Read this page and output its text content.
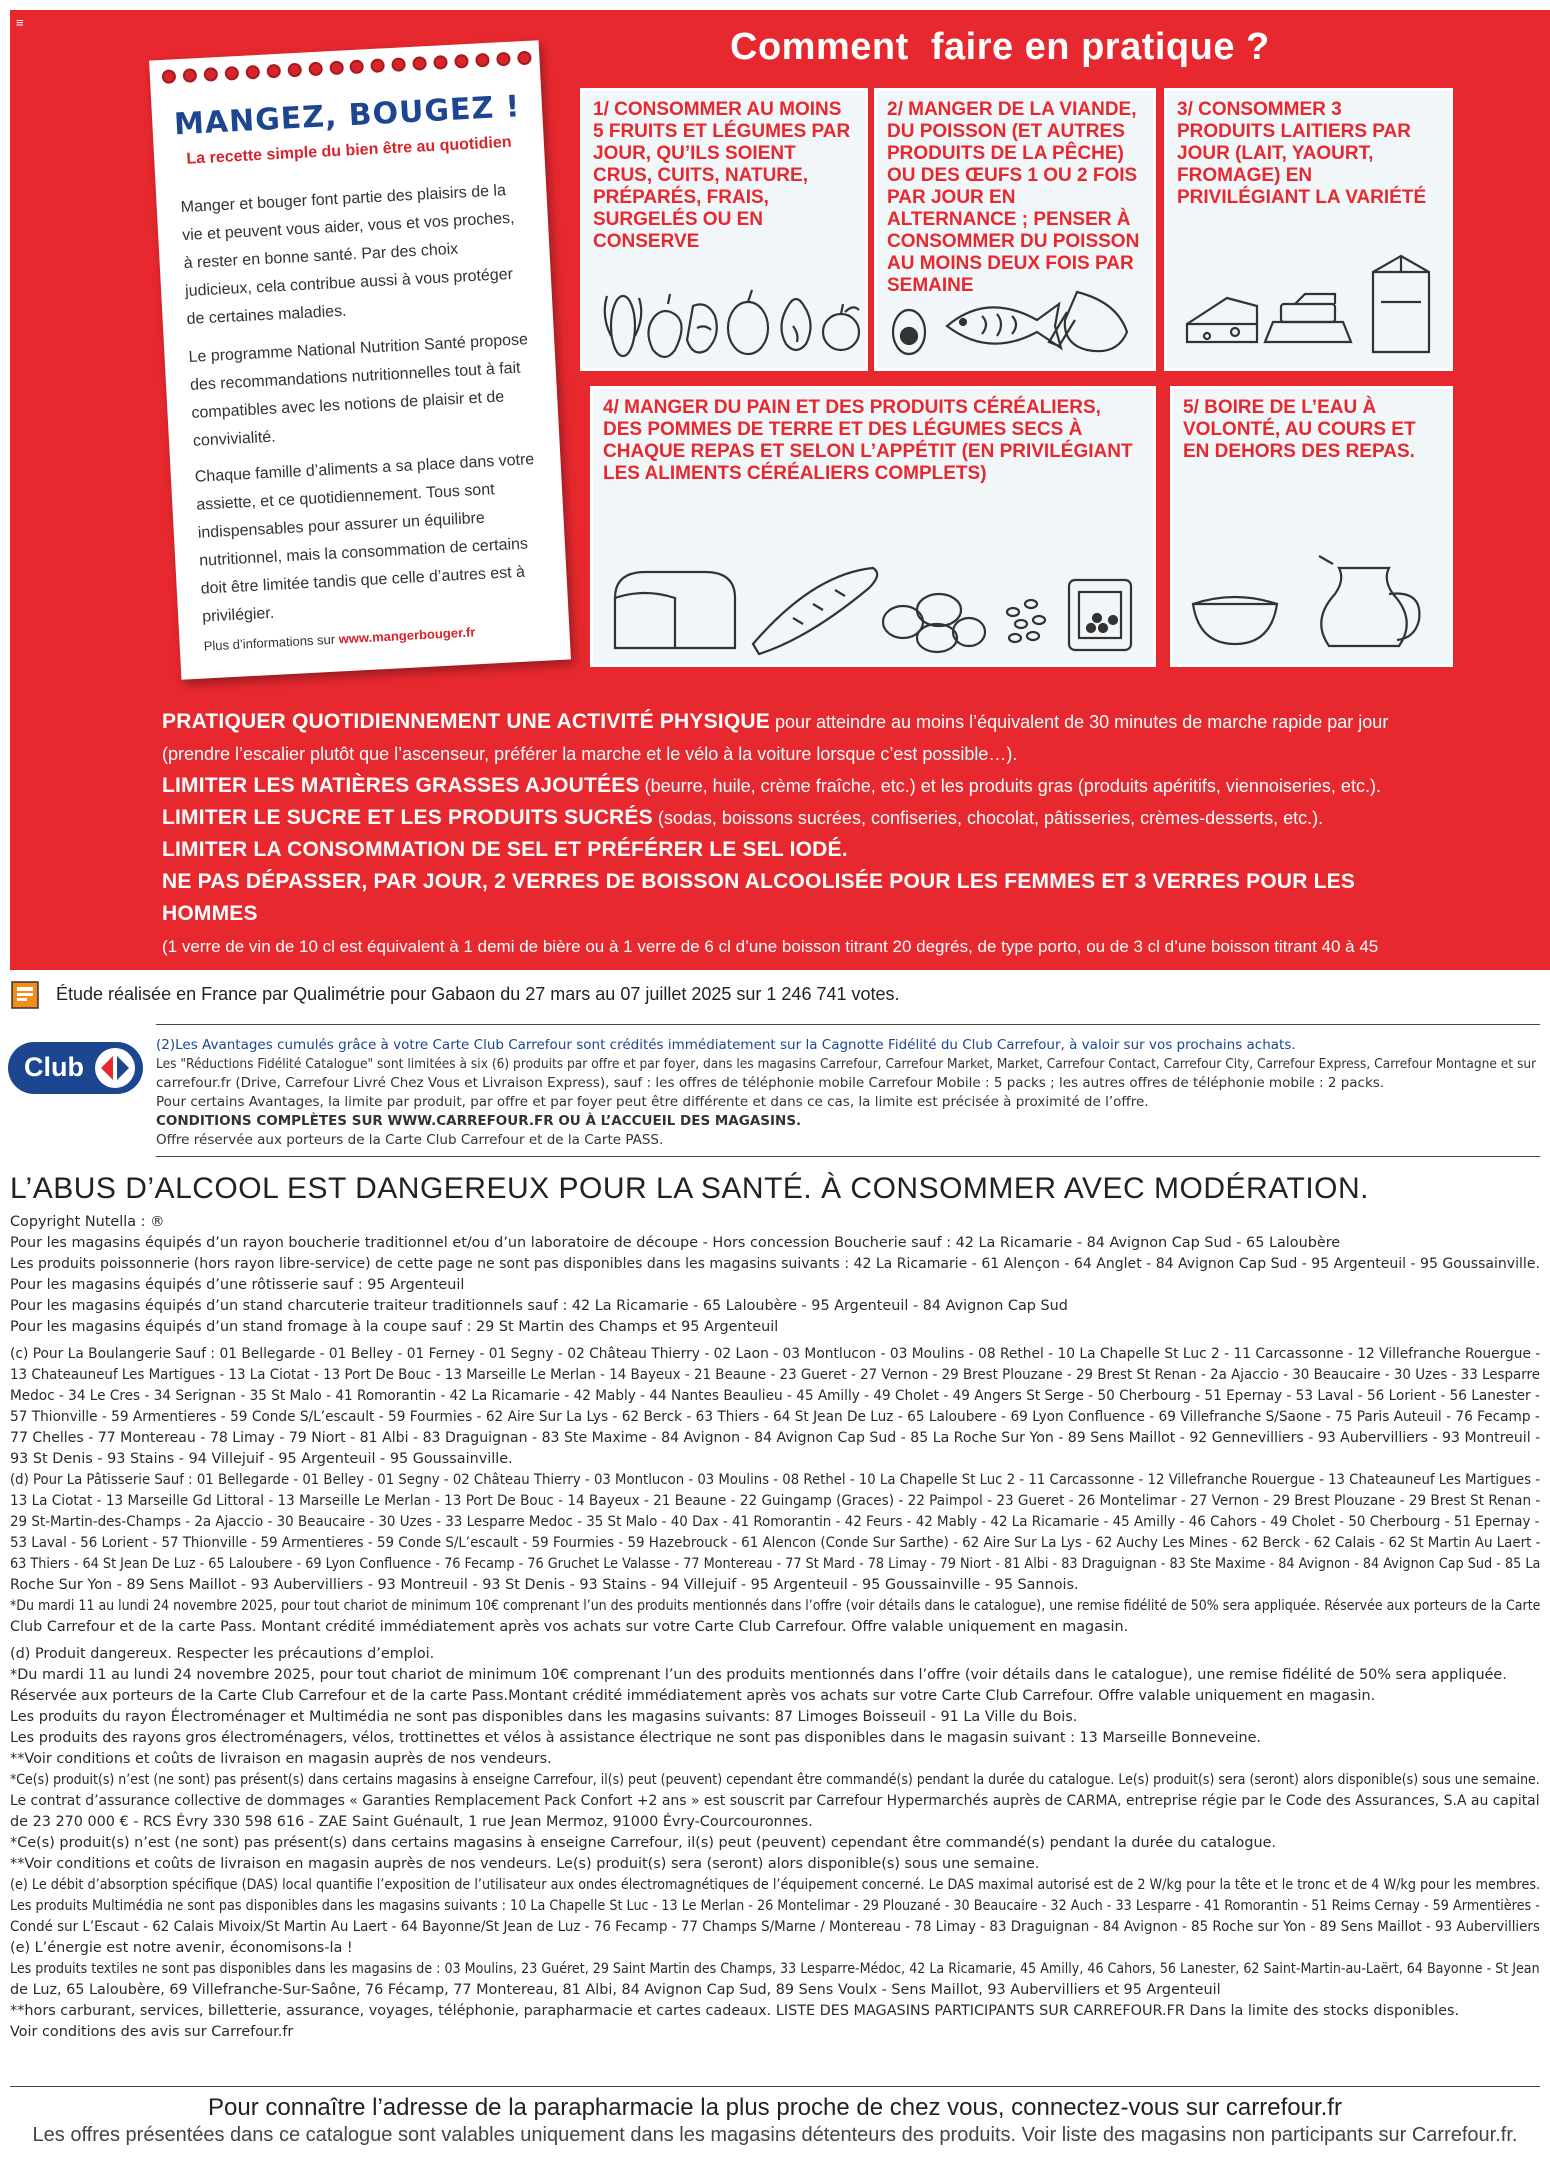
≡
Comment  faire en pratique ?
MANGEZ, BOUGEZ !
La recette simple du bien être au quotidien
Manger et bouger font partie des plaisirs de la vie et peuvent vous aider, vous et vos proches, à rester en bonne santé. Par des choix judicieux, cela contribue aussi à vous protéger de certaines maladies.
Le programme National Nutrition Santé propose des recommandations nutritionnelles tout à fait compatibles avec les notions de plaisir et de convivialité.
Chaque famille d’aliments a sa place dans votre assiette, et ce quotidiennement. Tous sont indispensables pour assurer un équilibre nutritionnel, mais la consommation de certains doit être limitée tandis que celle d’autres est à privilégier.
Plus d’informations sur www.mangerbouger.fr
1/ CONSOMMER AU MOINS 5 FRUITS ET LÉGUMES PAR JOUR, QU’ILS SOIENT CRUS, CUITS, NATURE, PRÉPARÉS, FRAIS, SURGELÉS OU EN CONSERVE
2/ MANGER DE LA VIANDE, DU POISSON (ET AUTRES PRODUITS DE LA PÊCHE) OU DES ŒUFS 1 OU 2 FOIS PAR JOUR EN ALTERNANCE ; PENSER À CONSOMMER DU POISSON AU MOINS DEUX FOIS PAR SEMAINE
3/ CONSOMMER 3 PRODUITS LAITIERS PAR JOUR (LAIT, YAOURT, FROMAGE) EN PRIVILÉGIANT LA VARIÉTÉ
4/ MANGER DU PAIN ET DES PRODUITS CÉRÉALIERS, DES POMMES DE TERRE ET DES LÉGUMES SECS À CHAQUE REPAS ET SELON L’APPÉTIT (EN PRIVILÉGIANT LES ALIMENTS CÉRÉALIERS COMPLETS)
5/ BOIRE DE L’EAU À VOLONTÉ, AU COURS ET EN DEHORS DES REPAS.
PRATIQUER QUOTIDIENNEMENT UNE ACTIVITÉ PHYSIQUE pour atteindre au moins l’équivalent de 30 minutes de marche rapide par jour (prendre l’escalier plutôt que l’ascenseur, préférer la marche et le vélo à la voiture lorsque c’est possible…).
LIMITER LES MATIÈRES GRASSES AJOUTÉES (beurre, huile, crème fraîche, etc.) et les produits gras (produits apéritifs, viennoiseries, etc.).
LIMITER LE SUCRE ET LES PRODUITS SUCRÉS (sodas, boissons sucrées, confiseries, chocolat, pâtisseries, crèmes-desserts, etc.).
LIMITER LA CONSOMMATION DE SEL ET PRÉFÉRER LE SEL IODÉ.
NE PAS DÉPASSER, PAR JOUR, 2 VERRES DE BOISSON ALCOOLISÉE POUR LES FEMMES ET 3 VERRES POUR LES HOMMES
(1 verre de vin de 10 cl est équivalent à 1 demi de bière ou à 1 verre de 6 cl d’une boisson titrant 20 degrés, de type porto, ou de 3 cl d’une boisson titrant 40 à 45 degrés d’alcool, de type whisky ou pastis).
Étude réalisée en France par Qualimétrie pour Gabaon du 27 mars au 07 juillet 2025 sur 1 246 741 votes.
Club
(2)Les Avantages cumulés grâce à votre Carte Club Carrefour sont crédités immédiatement sur la Cagnotte Fidélité du Club Carrefour, à valoir sur vos prochains achats.
Les "Réductions Fidélité Catalogue" sont limitées à six (6) produits par offre et par foyer, dans les magasins Carrefour, Carrefour Market, Market, Carrefour Contact, Carrefour City, Carrefour Express, Carrefour Montagne et sur
carrefour.fr (Drive, Carrefour Livré Chez Vous et Livraison Express), sauf : les offres de téléphonie mobile Carrefour Mobile : 5 packs ; les autres offres de téléphonie mobile : 2 packs.
Pour certains Avantages, la limite par produit, par offre et par foyer peut être différente et dans ce cas, la limite est précisée à proximité de l’offre.
CONDITIONS COMPLÈTES SUR WWW.CARREFOUR.FR OU À L’ACCUEIL DES MAGASINS.
Offre réservée aux porteurs de la Carte Club Carrefour et de la Carte PASS.
L’ABUS D’ALCOOL EST DANGEREUX POUR LA SANTÉ. À CONSOMMER AVEC MODÉRATION.
Copyright Nutella : ®
Pour les magasins équipés d’un rayon boucherie traditionnel et/ou d’un laboratoire de découpe - Hors concession Boucherie sauf : 42 La Ricamarie - 84 Avignon Cap Sud - 65 Laloubère
Les produits poissonnerie (hors rayon libre-service) de cette page ne sont pas disponibles dans les magasins suivants : 42 La Ricamarie - 61 Alençon - 64 Anglet - 84 Avignon Cap Sud - 95 Argenteuil - 95 Goussainville.
Pour les magasins équipés d’une rôtisserie sauf : 95 Argenteuil
Pour les magasins équipés d’un stand charcuterie traiteur traditionnels sauf : 42 La Ricamarie - 65 Laloubère - 95 Argenteuil - 84 Avignon Cap Sud
Pour les magasins équipés d’un stand fromage à la coupe sauf : 29 St Martin des Champs et 95 Argenteuil
(c) Pour La Boulangerie Sauf : 01 Bellegarde - 01 Belley - 01 Ferney - 01 Segny - 02 Château Thierry - 02 Laon - 03 Montlucon - 03 Moulins - 08 Rethel - 10 La Chapelle St Luc 2 - 11 Carcassonne - 12 Villefranche Rouergue -
13 Chateauneuf Les Martigues - 13 La Ciotat - 13 Port De Bouc - 13 Marseille Le Merlan - 14 Bayeux - 21 Beaune - 23 Gueret - 27 Vernon - 29 Brest Plouzane - 29 Brest St Renan - 2a Ajaccio - 30 Beaucaire - 30 Uzes - 33 Lesparre
Medoc - 34 Le Cres - 34 Serignan - 35 St Malo - 41 Romorantin - 42 La Ricamarie - 42 Mably - 44 Nantes Beaulieu - 45 Amilly - 49 Cholet - 49 Angers St Serge - 50 Cherbourg - 51 Epernay - 53 Laval - 56 Lorient - 56 Lanester -
57 Thionville - 59 Armentieres - 59 Conde S/L’escault - 59 Fourmies - 62 Aire Sur La Lys - 62 Berck - 63 Thiers - 64 St Jean De Luz - 65 Lalouberе - 69 Lyon Confluence - 69 Villefranche S/Saone - 75 Paris Auteuil - 76 Fecamp -
77 Chelles - 77 Montereau - 78 Limay - 79 Niort - 81 Albi - 83 Draguignan - 83 Ste Maxime - 84 Avignon - 84 Avignon Cap Sud - 85 La Roche Sur Yon - 89 Sens Maillot - 92 Gennevilliers - 93 Aubervilliers - 93 Montreuil -
93 St Denis - 93 Stains - 94 Villejuif - 95 Argenteuil - 95 Goussainville.
(d) Pour La Pâtisserie Sauf : 01 Bellegarde - 01 Belley - 01 Segny - 02 Château Thierry - 03 Montlucon - 03 Moulins - 08 Rethel - 10 La Chapelle St Luc 2 - 11 Carcassonne - 12 Villefranche Rouergue - 13 Chateauneuf Les Martigues -
13 La Ciotat - 13 Marseille Gd Littoral - 13 Marseille Le Merlan - 13 Port De Bouc - 14 Bayeux - 21 Beaune - 22 Guingamp (Graces) - 22 Paimpol - 23 Gueret - 26 Montelimar - 27 Vernon - 29 Brest Plouzane - 29 Brest St Renan -
29 St-Martin-des-Champs - 2a Ajaccio - 30 Beaucaire - 30 Uzes - 33 Lesparre Medoc - 35 St Malo - 40 Dax - 41 Romorantin - 42 Feurs - 42 Mably - 42 La Ricamarie - 45 Amilly - 46 Cahors - 49 Cholet - 50 Cherbourg - 51 Epernay -
53 Laval - 56 Lorient - 57 Thionville - 59 Armentieres - 59 Conde S/L’escault - 59 Fourmies - 59 Hazebrouck - 61 Alencon (Conde Sur Sarthe) - 62 Aire Sur La Lys - 62 Auchy Les Mines - 62 Berck - 62 Calais - 62 St Martin Au Laert -
63 Thiers - 64 St Jean De Luz - 65 Lalouberе - 69 Lyon Confluence - 76 Fecamp - 76 Gruchet Le Valasse - 77 Montereau - 77 St Mard - 78 Limay - 79 Niort - 81 Albi - 83 Draguignan - 83 Ste Maxime - 84 Avignon - 84 Avignon Cap Sud - 85 La
Roche Sur Yon - 89 Sens Maillot - 93 Aubervilliers - 93 Montreuil - 93 St Denis - 93 Stains - 94 Villejuif - 95 Argenteuil - 95 Goussainville - 95 Sannois.
*Du mardi 11 au lundi 24 novembre 2025, pour tout chariot de minimum 10€ comprenant l’un des produits mentionnés dans l’offre (voir détails dans le catalogue), une remise fidélité de 50% sera appliquée. Réservée aux porteurs de la Carte
Club Carrefour et de la carte Pass. Montant crédité immédiatement après vos achats sur votre Carte Club Carrefour. Offre valable uniquement en magasin.
(d) Produit dangereux. Respecter les précautions d’emploi.
*Du mardi 11 au lundi 24 novembre 2025, pour tout chariot de minimum 10€ comprenant l’un des produits mentionnés dans l’offre (voir détails dans le catalogue), une remise fidélité de 50% sera appliquée.
Réservée aux porteurs de la Carte Club Carrefour et de la carte Pass.Montant crédité immédiatement après vos achats sur votre Carte Club Carrefour. Offre valable uniquement en magasin.
Les produits du rayon Électroménager et Multimédia ne sont pas disponibles dans les magasins suivants: 87 Limoges Boisseuil - 91 La Ville du Bois.
Les produits des rayons gros électroménagers, vélos, trottinettes et vélos à assistance électrique ne sont pas disponibles dans le magasin suivant : 13 Marseille Bonneveine.
**Voir conditions et coûts de livraison en magasin auprès de nos vendeurs.
*Ce(s) produit(s) n’est (ne sont) pas présent(s) dans certains magasins à enseigne Carrefour, il(s) peut (peuvent) cependant être commandé(s) pendant la durée du catalogue. Le(s) produit(s) sera (seront) alors disponible(s) sous une semaine.
Le contrat d’assurance collective de dommages « Garanties Remplacement Pack Confort +2 ans » est souscrit par Carrefour Hypermarchés auprès de CARMA, entreprise régie par le Code des Assurances, S.A au capital
de 23 270 000 € - RCS Évry 330 598 616 - ZAE Saint Guénault, 1 rue Jean Mermoz, 91000 Évry-Courcouronnes.
*Ce(s) produit(s) n’est (ne sont) pas présent(s) dans certains magasins à enseigne Carrefour, il(s) peut (peuvent) cependant être commandé(s) pendant la durée du catalogue.
**Voir conditions et coûts de livraison en magasin auprès de nos vendeurs. Le(s) produit(s) sera (seront) alors disponible(s) sous une semaine.
(e) Le débit d’absorption spécifique (DAS) local quantifie l’exposition de l’utilisateur aux ondes électromagnétiques de l’équipement concerné. Le DAS maximal autorisé est de 2 W/kg pour la tête et le tronc et de 4 W/kg pour les membres.
Les produits Multimédia ne sont pas disponibles dans les magasins suivants : 10 La Chapelle St Luc - 13 Le Merlan - 26 Montelimar - 29 Plouzané - 30 Beaucaire - 32 Auch - 33 Lesparre - 41 Romorantin - 51 Reims Cernay - 59 Armentières -
Condé sur L’Escaut - 62 Calais Mivoix/St Martin Au Laert - 64 Bayonne/St Jean de Luz - 76 Fecamp - 77 Champs S/Marne / Montereau - 78 Limay - 83 Draguignan - 84 Avignon - 85 Roche sur Yon - 89 Sens Maillot - 93 Aubervilliers
(e) L’énergie est notre avenir, économisons-la !
Les produits textiles ne sont pas disponibles dans les magasins de : 03 Moulins, 23 Guéret, 29 Saint Martin des Champs, 33 Lesparre-Médoc, 42 La Ricamarie, 45 Amilly, 46 Cahors, 56 Lanester, 62 Saint-Martin-au-Laërt, 64 Bayonne - St Jean
de Luz, 65 Laloubère, 69 Villefranche-Sur-Saône, 76 Fécamp, 77 Montereau, 81 Albi, 84 Avignon Cap Sud, 89 Sens Voulx - Sens Maillot, 93 Aubervilliers et 95 Argenteuil
**hors carburant, services, billetterie, assurance, voyages, téléphonie, parapharmacie et cartes cadeaux. LISTE DES MAGASINS PARTICIPANTS SUR CARREFOUR.FR Dans la limite des stocks disponibles.
Voir conditions des avis sur Carrefour.fr
Pour connaître l’adresse de la parapharmacie la plus proche de chez vous, connectez-vous sur carrefour.fr
Les offres présentées dans ce catalogue sont valables uniquement dans les magasins détenteurs des produits. Voir liste des magasins non participants sur Carrefour.fr.
